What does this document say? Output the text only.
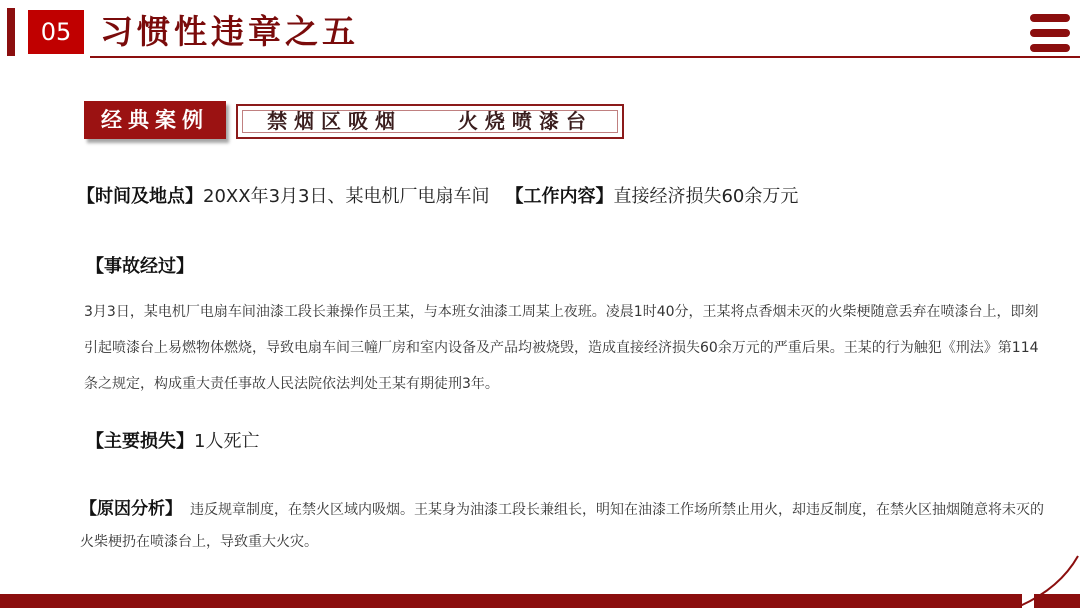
05 习惯性违章之五
经典案例	禁烟区吸烟    火烧喷漆台
【时间及地点】20XX年3月3日、某电机厂电扇车间 【工作内容】直接经济损失60余万元
【事故经过】
3月3日，某电机厂电扇车间油漆工段长兼操作员王某，与本班女油漆工周某上夜班。凌晨1时40分，王某将点香烟未灭的火柴梗随意丢弃在喷漆台上，即刻引起喷漆台上易燃物体燃烧，导致电扇车间三幢厂房和室内设备及产品均被烧毁，造成直接经济损失60余万元的严重后果。王某的行为触犯《刑法》第114条之规定，构成重大责任事故人民法院依法判处王某有期徒刑3年。
【主要损失】1人死亡
【原因分析】 违反规章制度，在禁火区域内吸烟。王某身为油漆工段长兼组长，明知在油漆工作场所禁止用火，却违反制度，在禁火区抽烟随意将未灭的火柴梗扔在喷漆台上，导致重大火灾。
